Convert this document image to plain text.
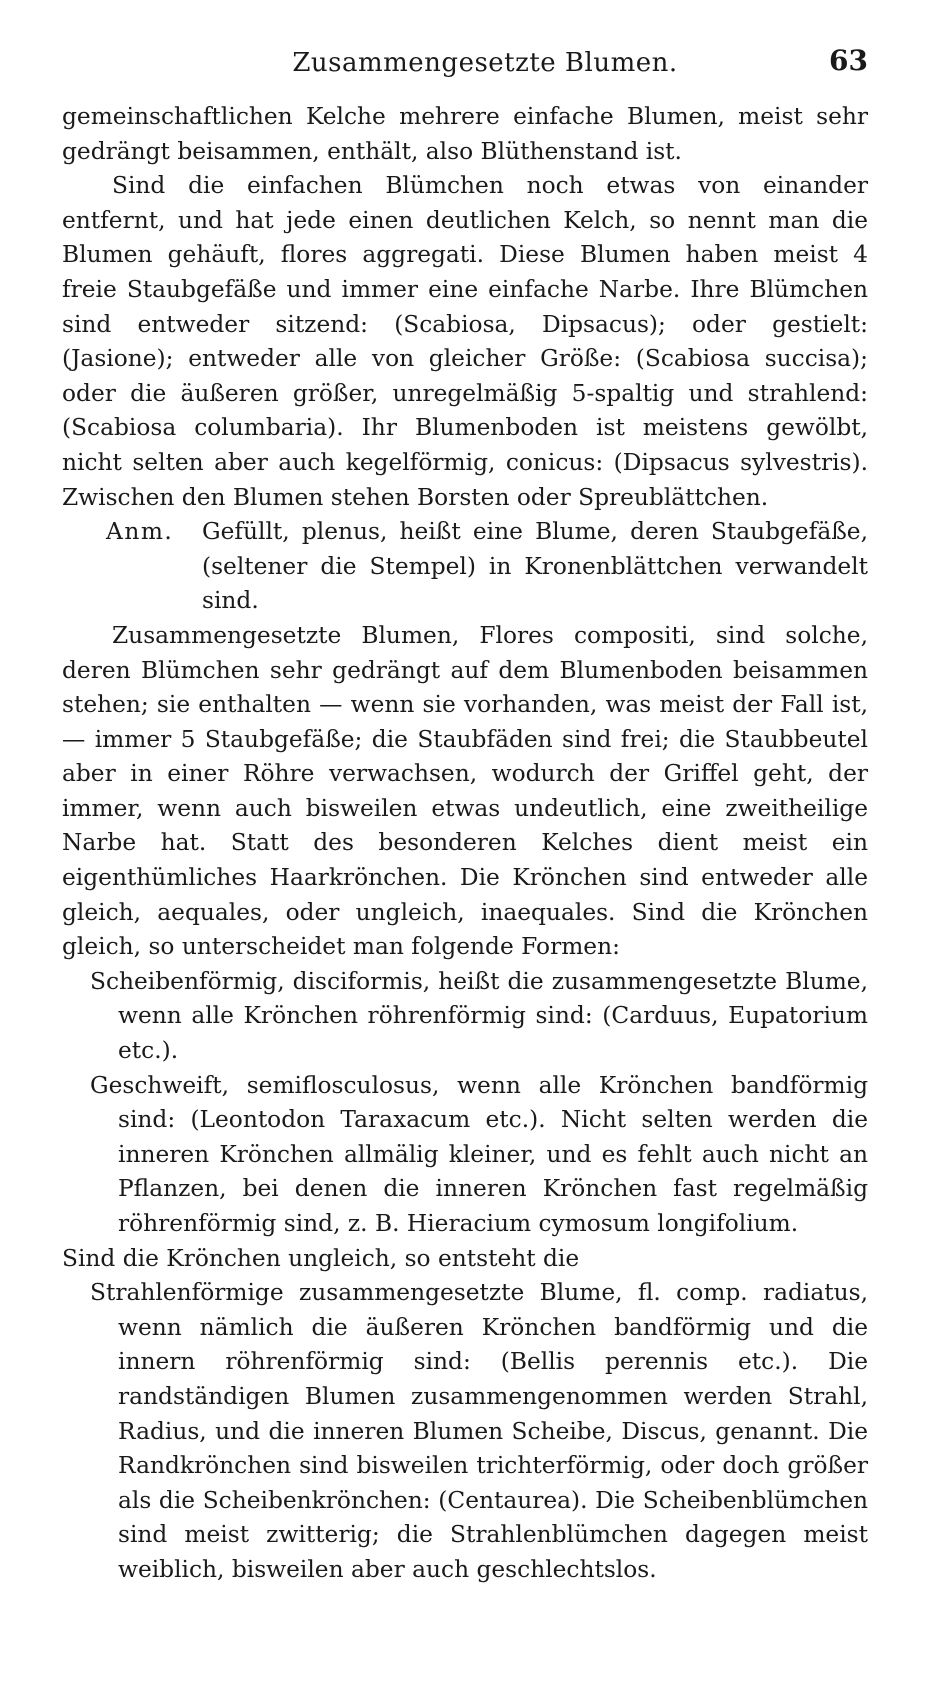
Zusammengesetzte Blumen.	63

gemeinschaftlichen Kelche mehrere einfache Blumen, meist sehr gedrängt beisammen, enthält, also Blüthenstand ist.

Sind die einfachen Blümchen noch etwas von einander entfernt, und hat jede einen deutlichen Kelch, so nennt man die Blumen gehäuft, flores aggregati. Diese Blumen haben meist 4 freie Staubgefäße und immer eine einfache Narbe. Ihre Blümchen sind entweder sitzend: (Scabiosa, Dipsacus); oder gestielt: (Jasione); entweder alle von gleicher Größe: (Scabiosa succisa); oder die äußeren größer, unregelmäßig 5-spaltig und strahlend: (Scabiosa columbaria). Ihr Blumenboden ist meistens gewölbt, nicht selten aber auch kegelförmig, conicus: (Dipsacus sylvestris). Zwischen den Blumen stehen Borsten oder Spreublättchen.

Anm.	Gefüllt, plenus, heißt eine Blume, deren Staubgefäße, (seltener die Stempel) in Kronenblättchen verwandelt sind.

Zusammengesetzte Blumen, Flores compositi, sind solche, deren Blümchen sehr gedrängt auf dem Blumenboden beisammen stehen; sie enthalten — wenn sie vorhanden, was meist der Fall ist, — immer 5 Staubgefäße; die Staubfäden sind frei; die Staubbeutel aber in einer Röhre verwachsen, wodurch der Griffel geht, der immer, wenn auch bisweilen etwas undeutlich, eine zweitheilige Narbe hat. Statt des besonderen Kelches dient meist ein eigenthümliches Haarkrönchen. Die Krönchen sind entweder alle gleich, aequales, oder ungleich, inaequales. Sind die Krönchen gleich, so unterscheidet man folgende Formen:

Scheibenförmig, disciformis, heißt die zusammengesetzte Blume, wenn alle Krönchen röhrenförmig sind: (Carduus, Eupatorium etc.).

Geschweift, semiflosculosus, wenn alle Krönchen bandförmig sind: (Leontodon Taraxacum etc.). Nicht selten werden die inneren Krönchen allmälig kleiner, und es fehlt auch nicht an Pflanzen, bei denen die inneren Krönchen fast regelmäßig röhrenförmig sind, z. B. Hieracium cymosum longifolium.

Sind die Krönchen ungleich, so entsteht die

Strahlenförmige zusammengesetzte Blume, fl. comp. radiatus, wenn nämlich die äußeren Krönchen bandförmig und die innern röhrenförmig sind: (Bellis perennis etc.). Die randständigen Blumen zusammengenommen werden Strahl, Radius, und die inneren Blumen Scheibe, Discus, genannt. Die Randkrönchen sind bisweilen trichterförmig, oder doch größer als die Scheibenkrönchen: (Centaurea). Die Scheibenblümchen sind meist zwitterig; die Strahlenblümchen dagegen meist weiblich, bisweilen aber auch geschlechtslos.
